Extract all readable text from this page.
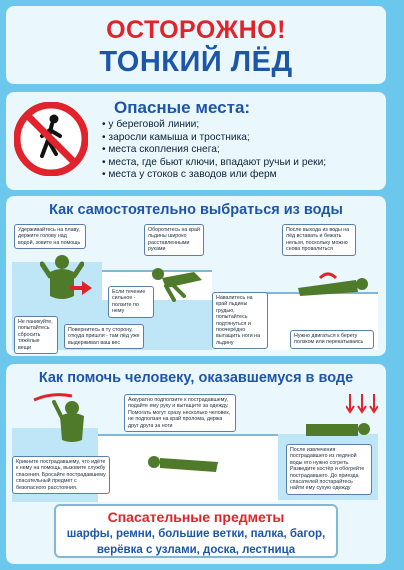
ОСТОРОЖНО!
ТОНКИЙ ЛЁД
Опасные места:
• у береговой линии;
• заросли камыша и тростника;
• места скопления снега;
• места, где бьют ключи, впадают ручьи и реки;
• места у стоков с заводов или ферм
Как самостоятельно выбраться из воды
Удерживайтесь на плаву, держите голову над водой, зовите на помощь
Оборотитесь на край льдины широко расставленными руками
После выхода из воды на лёд вставать и бежать нельзя, поскольку можно снова провалиться
Не паникуйте, попытайтесь сбросить тяжёлые вещи
Если течение сильное - ползите по нему
Повернитесь в ту сторону, откуда пришли - там лёд уже выдерживал ваш вес
Навалитесь на край льдины грудью, попытайтесь подтянуться и поочерёдно вытащить ноги на льдину
Нужно двигаться к берегу ползком или перекатываясь
Как помочь человеку, оказавшемуся в воде
Аккуратно подползите к пострадавшему, подайте ему руку и вытащите за одежду. Помогать могут сразу несколько человек, не подползая на край пролома, держа друг друга за ноги
Крикните пострадавшему, что идёте к нему на помощь, вызовите службу спасения. Бросайте пострадавшему спасательный предмет с безопасного расстояния.
После извлечения пострадавшего из ледяной воды его нужно согреть. Разведите костёр и обогрейте пострадавшего. До приезда спасателей постарайтесь найти ему сухую одежду
Спасательные предметы
шарфы, ремни, большие ветки, палка, багор,
верёвка с узлами, доска, лестница
